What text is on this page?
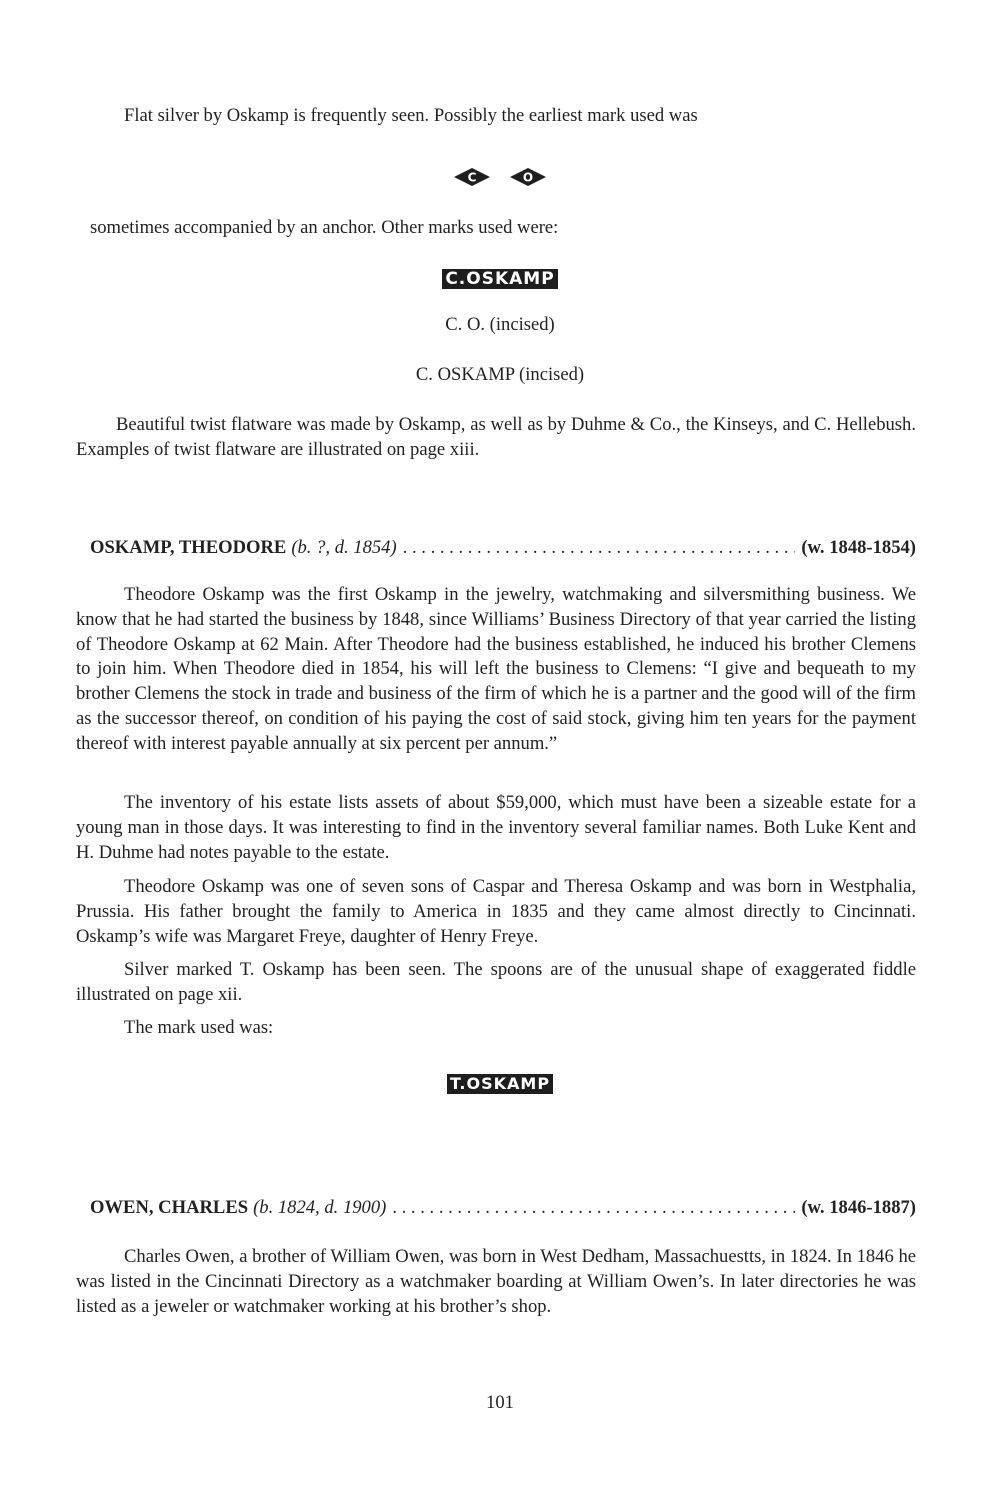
Flat silver by Oskamp is frequently seen. Possibly the earliest mark used was

C	O

sometimes accompanied by an anchor. Other marks used were:

C.OSKAMP

C. O. (incised)

C. OSKAMP (incised)

Beautiful twist flatware was made by Oskamp, as well as by Duhme & Co., the Kinseys, and C. Hellebush. Examples of twist flatware are illustrated on page xiii.

OSKAMP, THEODORE (b. ?, d. 1854) . . .	(w. 1848-1854)

Theodore Oskamp was the first Oskamp in the jewelry, watchmaking and silversmithing business. We know that he had started the business by 1848, since Williams’ Business Directory of that year carried the listing of Theodore Oskamp at 62 Main. After Theodore had the business established, he induced his brother Clemens to join him. When Theodore died in 1854, his will left the business to Clemens: “I give and bequeath to my brother Clemens the stock in trade and business of the firm of which he is a partner and the good will of the firm as the successor thereof, on condition of his paying the cost of said stock, giving him ten years for the payment thereof with interest payable annually at six percent per annum.”

The inventory of his estate lists assets of about $59,000, which must have been a sizeable estate for a young man in those days. It was interesting to find in the inventory several familiar names. Both Luke Kent and H. Duhme had notes payable to the estate.

Theodore Oskamp was one of seven sons of Caspar and Theresa Oskamp and was born in Westphalia, Prussia. His father brought the family to America in 1835 and they came almost directly to Cincinnati. Oskamp’s wife was Margaret Freye, daughter of Henry Freye.

Silver marked T. Oskamp has been seen. The spoons are of the unusual shape of exaggerated fiddle illustrated on page xii.

The mark used was:

T.OSKAMP

OWEN, CHARLES (b. 1824, d. 1900) . . .	(w. 1846-1887)

Charles Owen, a brother of William Owen, was born in West Dedham, Massachuestts, in 1824. In 1846 he was listed in the Cincinnati Directory as a watchmaker boarding at William Owen’s. In later directories he was listed as a jeweler or watchmaker working at his brother’s shop.

101
